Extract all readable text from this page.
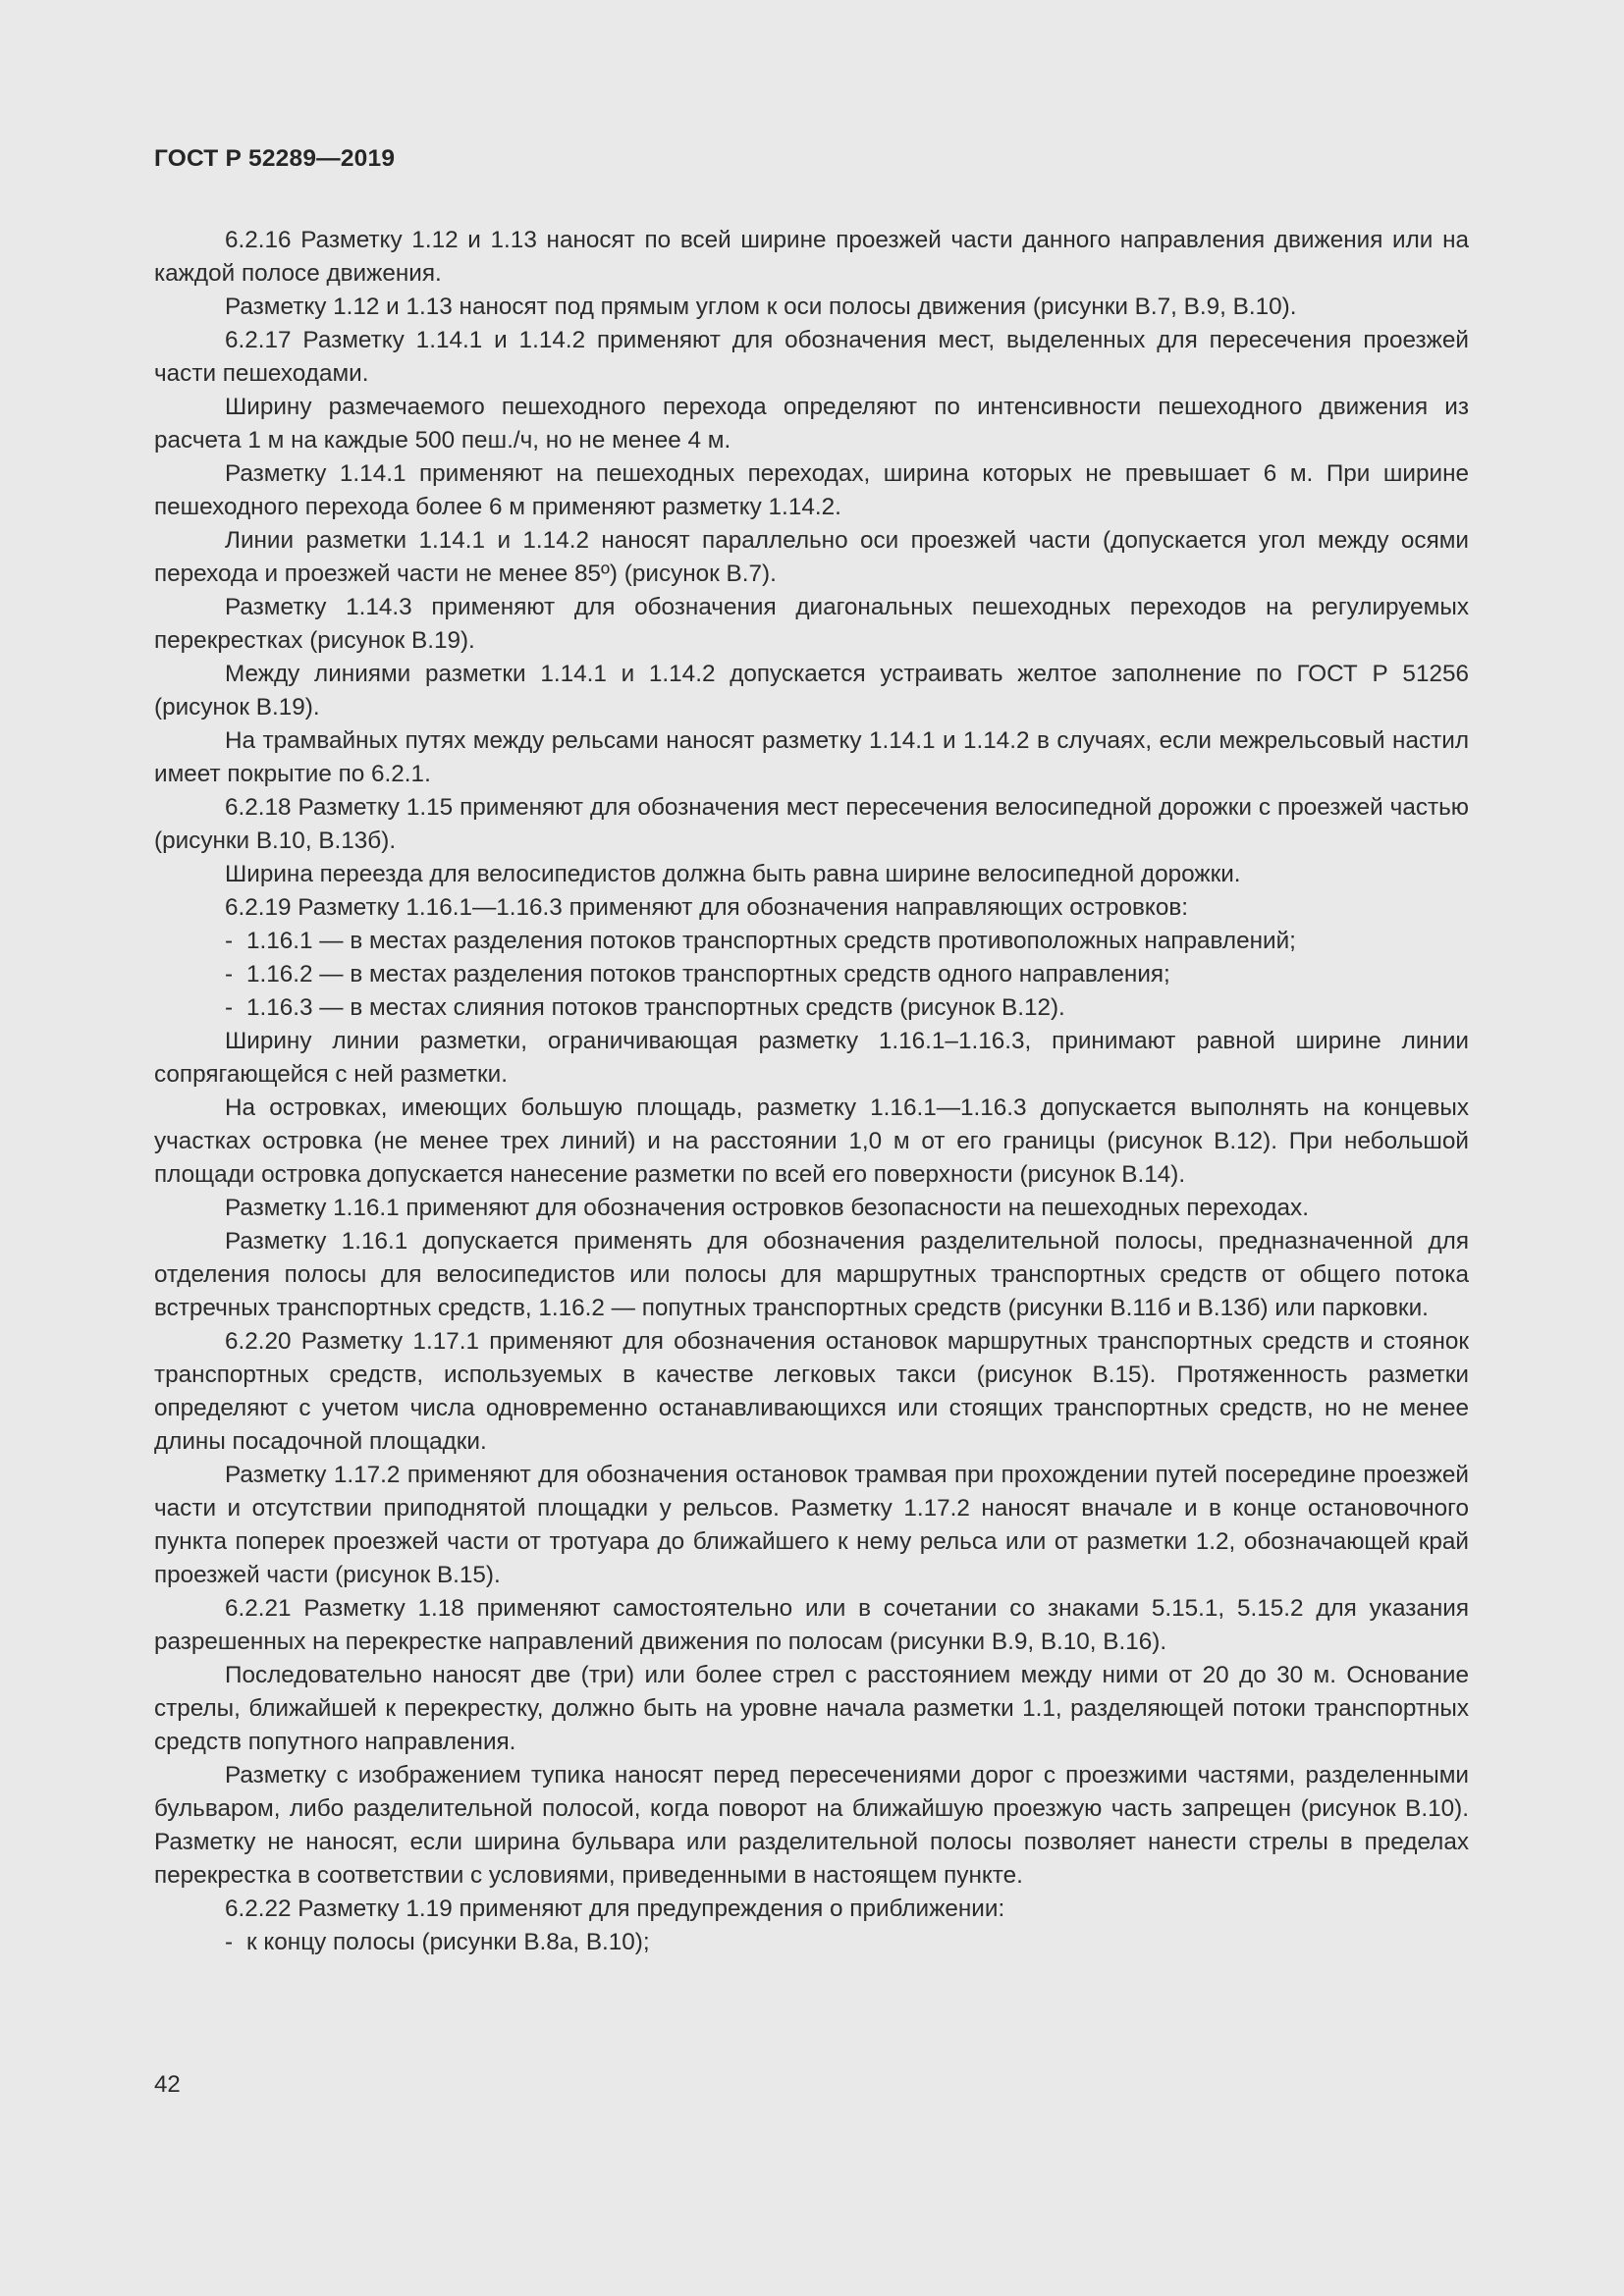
ГОСТ Р 52289—2019
6.2.16 Разметку 1.12 и 1.13 наносят по всей ширине проезжей части данного направления движения или на каждой полосе движения.
Разметку 1.12 и 1.13 наносят под прямым углом к оси полосы движения (рисунки В.7, В.9, В.10).
6.2.17 Разметку 1.14.1 и 1.14.2 применяют для обозначения мест, выделенных для пересечения проезжей части пешеходами.
Ширину размечаемого пешеходного перехода определяют по интенсивности пешеходного движения из расчета 1 м на каждые 500 пеш./ч, но не менее 4 м.
Разметку 1.14.1 применяют на пешеходных переходах, ширина которых не превышает 6 м. При ширине пешеходного перехода более 6 м применяют разметку 1.14.2.
Линии разметки 1.14.1 и 1.14.2 наносят параллельно оси проезжей части (допускается угол между осями перехода и проезжей части не менее 85º) (рисунок В.7).
Разметку 1.14.3 применяют для обозначения диагональных пешеходных переходов на регулируемых перекрестках (рисунок В.19).
Между линиями разметки 1.14.1 и 1.14.2 допускается устраивать желтое заполнение по ГОСТ Р 51256 (рисунок В.19).
На трамвайных путях между рельсами наносят разметку 1.14.1 и 1.14.2 в случаях, если межрельсовый настил имеет покрытие по 6.2.1.
6.2.18 Разметку 1.15 применяют для обозначения мест пересечения велосипедной дорожки с проезжей частью (рисунки В.10, В.13б).
Ширина переезда для велосипедистов должна быть равна ширине велосипедной дорожки.
6.2.19 Разметку 1.16.1—1.16.3 применяют для обозначения направляющих островков:
- 1.16.1 — в местах разделения потоков транспортных средств противоположных направлений;
- 1.16.2 — в местах разделения потоков транспортных средств одного направления;
- 1.16.3 — в местах слияния потоков транспортных средств (рисунок В.12).
Ширину линии разметки, ограничивающая разметку 1.16.1–1.16.3, принимают равной ширине линии сопрягающейся с ней разметки.
На островках, имеющих большую площадь, разметку 1.16.1—1.16.3 допускается выполнять на концевых участках островка (не менее трех линий) и на расстоянии 1,0 м от его границы (рисунок В.12). При небольшой площади островка допускается нанесение разметки по всей его поверхности (рисунок В.14).
Разметку 1.16.1 применяют для обозначения островков безопасности на пешеходных переходах.
Разметку 1.16.1 допускается применять для обозначения разделительной полосы, предназначенной для отделения полосы для велосипедистов или полосы для маршрутных транспортных средств от общего потока встречных транспортных средств, 1.16.2 — попутных транспортных средств (рисунки В.11б и В.13б) или парковки.
6.2.20 Разметку 1.17.1 применяют для обозначения остановок маршрутных транспортных средств и стоянок транспортных средств, используемых в качестве легковых такси (рисунок В.15). Протяженность разметки определяют с учетом числа одновременно останавливающихся или стоящих транспортных средств, но не менее длины посадочной площадки.
Разметку 1.17.2 применяют для обозначения остановок трамвая при прохождении путей посередине проезжей части и отсутствии приподнятой площадки у рельсов. Разметку 1.17.2 наносят вначале и в конце остановочного пункта поперек проезжей части от тротуара до ближайшего к нему рельса или от разметки 1.2, обозначающей край проезжей части (рисунок В.15).
6.2.21 Разметку 1.18 применяют самостоятельно или в сочетании со знаками 5.15.1, 5.15.2 для указания разрешенных на перекрестке направлений движения по полосам (рисунки В.9, В.10, В.16).
Последовательно наносят две (три) или более стрел с расстоянием между ними от 20 до 30 м. Основание стрелы, ближайшей к перекрестку, должно быть на уровне начала разметки 1.1, разделяющей потоки транспортных средств попутного направления.
Разметку с изображением тупика наносят перед пересечениями дорог с проезжими частями, разделенными бульваром, либо разделительной полосой, когда поворот на ближайшую проезжую часть запрещен (рисунок В.10). Разметку не наносят, если ширина бульвара или разделительной полосы позволяет нанести стрелы в пределах перекрестка в соответствии с условиями, приведенными в настоящем пункте.
6.2.22 Разметку 1.19 применяют для предупреждения о приближении:
- к концу полосы (рисунки В.8а, В.10);
42
